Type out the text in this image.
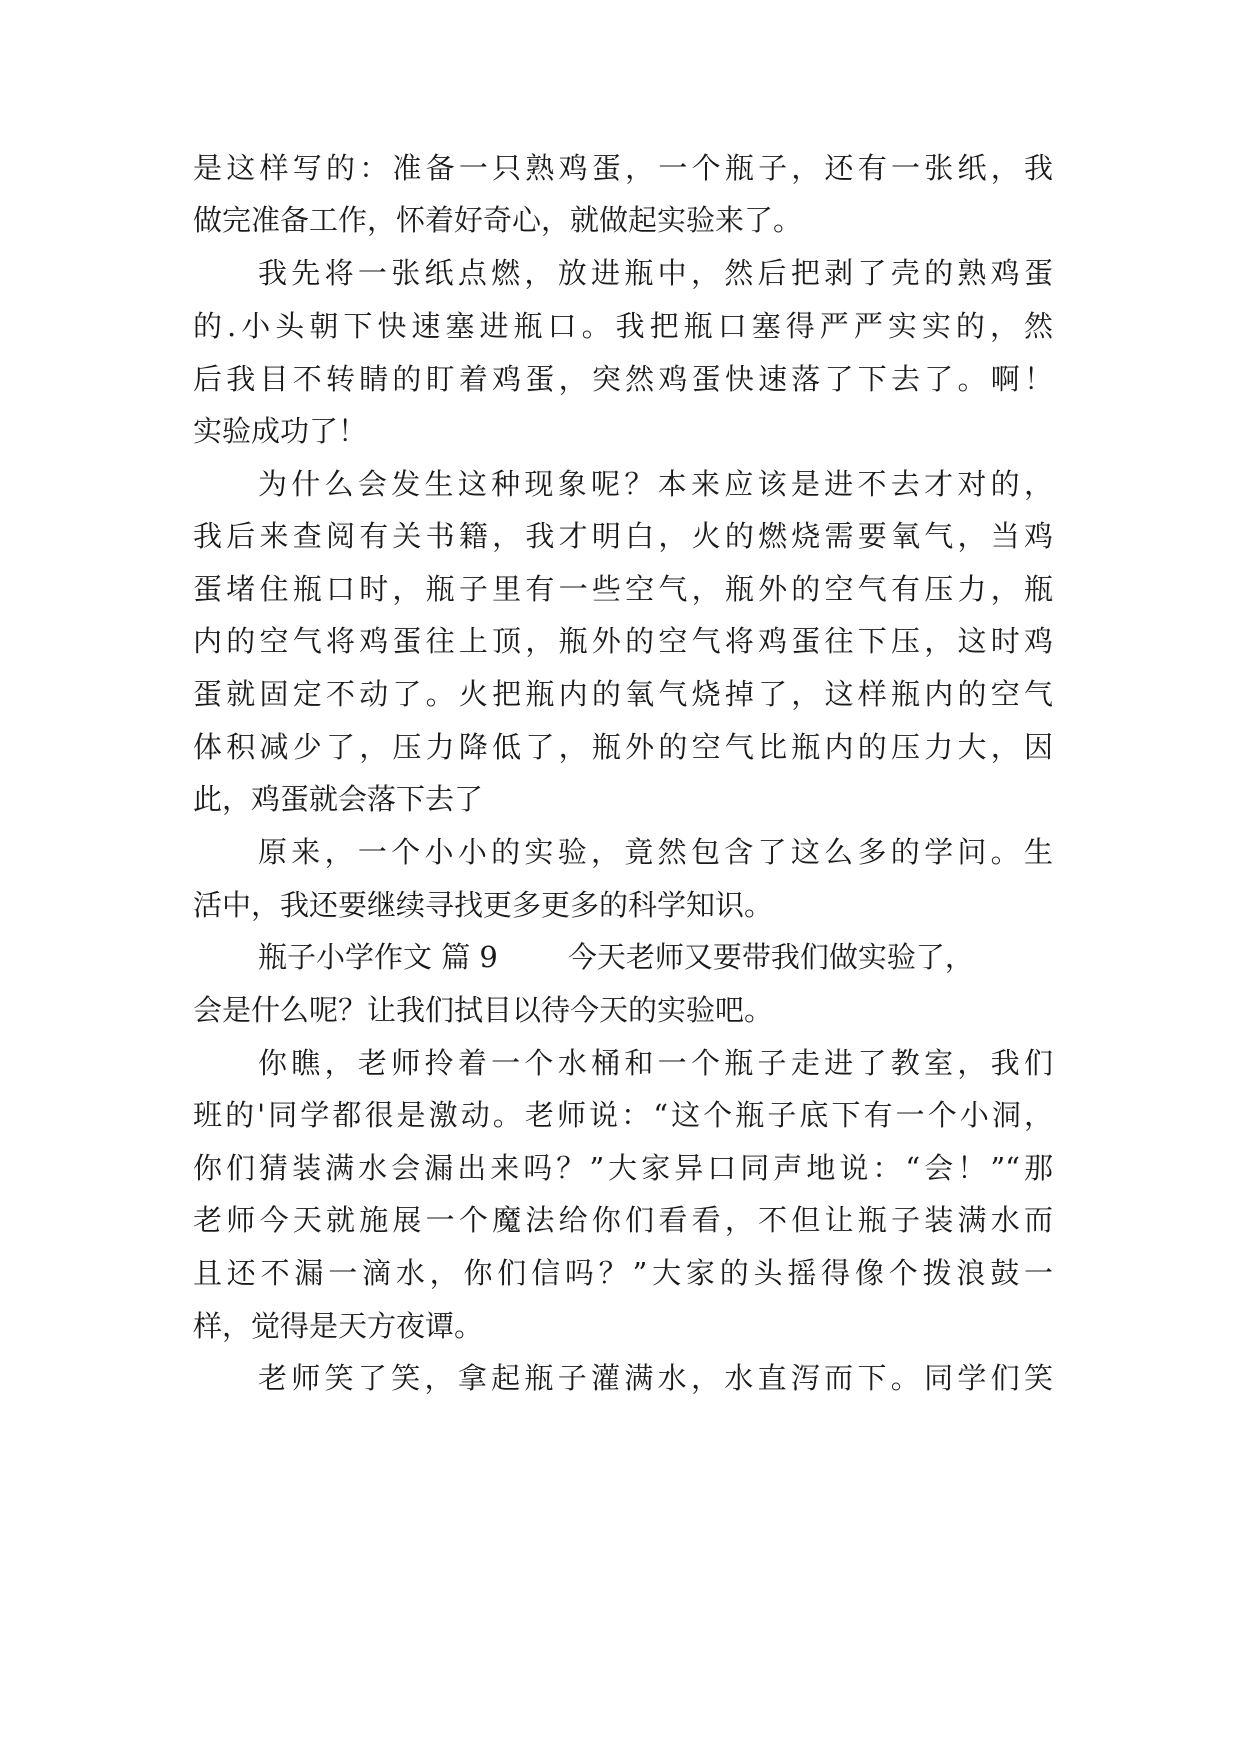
是这样写的：准备一只熟鸡蛋，一个瓶子，还有一张纸，我
做完准备工作，怀着好奇心，就做起实验来了。
我先将一张纸点燃，放进瓶中，然后把剥了壳的熟鸡蛋
的.小头朝下快速塞进瓶口。我把瓶口塞得严严实实的，然
后我目不转睛的盯着鸡蛋，突然鸡蛋快速落了下去了。啊！
实验成功了！
为什么会发生这种现象呢？本来应该是进不去才对的，
我后来查阅有关书籍，我才明白，火的燃烧需要氧气，当鸡
蛋堵住瓶口时，瓶子里有一些空气，瓶外的空气有压力，瓶
内的空气将鸡蛋往上顶，瓶外的空气将鸡蛋往下压，这时鸡
蛋就固定不动了。火把瓶内的氧气烧掉了，这样瓶内的空气
体积减少了，压力降低了，瓶外的空气比瓶内的压力大，因
此，鸡蛋就会落下去了
原来，一个小小的实验，竟然包含了这么多的学问。生
活中，我还要继续寻找更多更多的科学知识。
瓶子小学作文 篇 9 今天老师又要带我们做实验了，
会是什么呢？让我们拭目以待今天的实验吧。
你瞧，老师拎着一个水桶和一个瓶子走进了教室，我们
班的'同学都很是激动。老师说：“这个瓶子底下有一个小洞，
你们猜装满水会漏出来吗？”大家异口同声地说：“会！”“那
老师今天就施展一个魔法给你们看看，不但让瓶子装满水而
且还不漏一滴水，你们信吗？”大家的头摇得像个拨浪鼓一
样，觉得是天方夜谭。
老师笑了笑，拿起瓶子灌满水，水直泻而下。同学们笑
